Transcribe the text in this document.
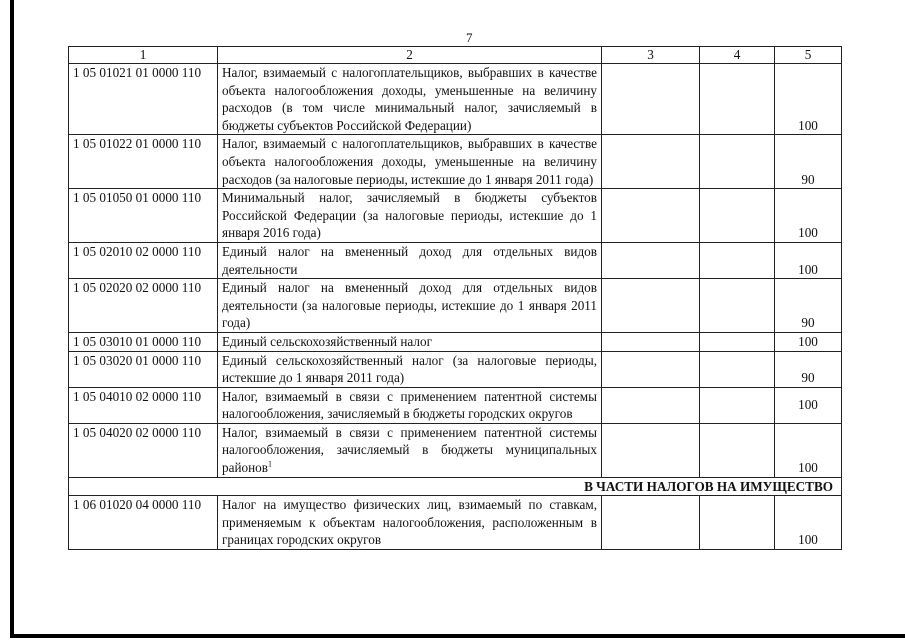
7
1	2	3	4	5
1 05 01021 01 0000 110	Налог, взимаемый с налогоплательщиков, выбравших в качестве объекта налогообложения доходы, уменьшенные на величину расходов (в том числе минимальный налог, зачисляемый в бюджеты субъектов Российской Федерации)			100
1 05 01022 01 0000 110	Налог, взимаемый с налогоплательщиков, выбравших в качестве объекта налогообложения доходы, уменьшенные на величину расходов (за налоговые периоды, истекшие до 1 января 2011 года)			90
1 05 01050 01 0000 110	Минимальный налог, зачисляемый в бюджеты субъектов Российской Федерации (за налоговые периоды, истекшие до 1 января 2016 года)			100
1 05 02010 02 0000 110	Единый налог на вмененный доход для отдельных видов деятельности			100
1 05 02020 02 0000 110	Единый налог на вмененный доход для отдельных видов деятельности (за налоговые периоды, истекшие до 1 января 2011 года)			90
1 05 03010 01 0000 110	Единый сельскохозяйственный налог			100
1 05 03020 01 0000 110	Единый сельскохозяйственный налог (за налоговые периоды, истекшие до 1 января 2011 года)			90
1 05 04010 02 0000 110	Налог, взимаемый в связи с применением патентной системы налогообложения, зачисляемый в бюджеты городских округов			100
1 05 04020 02 0000 110	Налог, взимаемый в связи с применением патентной системы налогообложения, зачисляемый в бюджеты муниципальных районов$^1$			100
В ЧАСТИ НАЛОГОВ НА ИМУЩЕСТВО				
1 06 01020 04 0000 110	Налог на имущество физических лиц, взимаемый по ставкам, применяемым к объектам налогообложения, расположенным в границах городских округов			100
